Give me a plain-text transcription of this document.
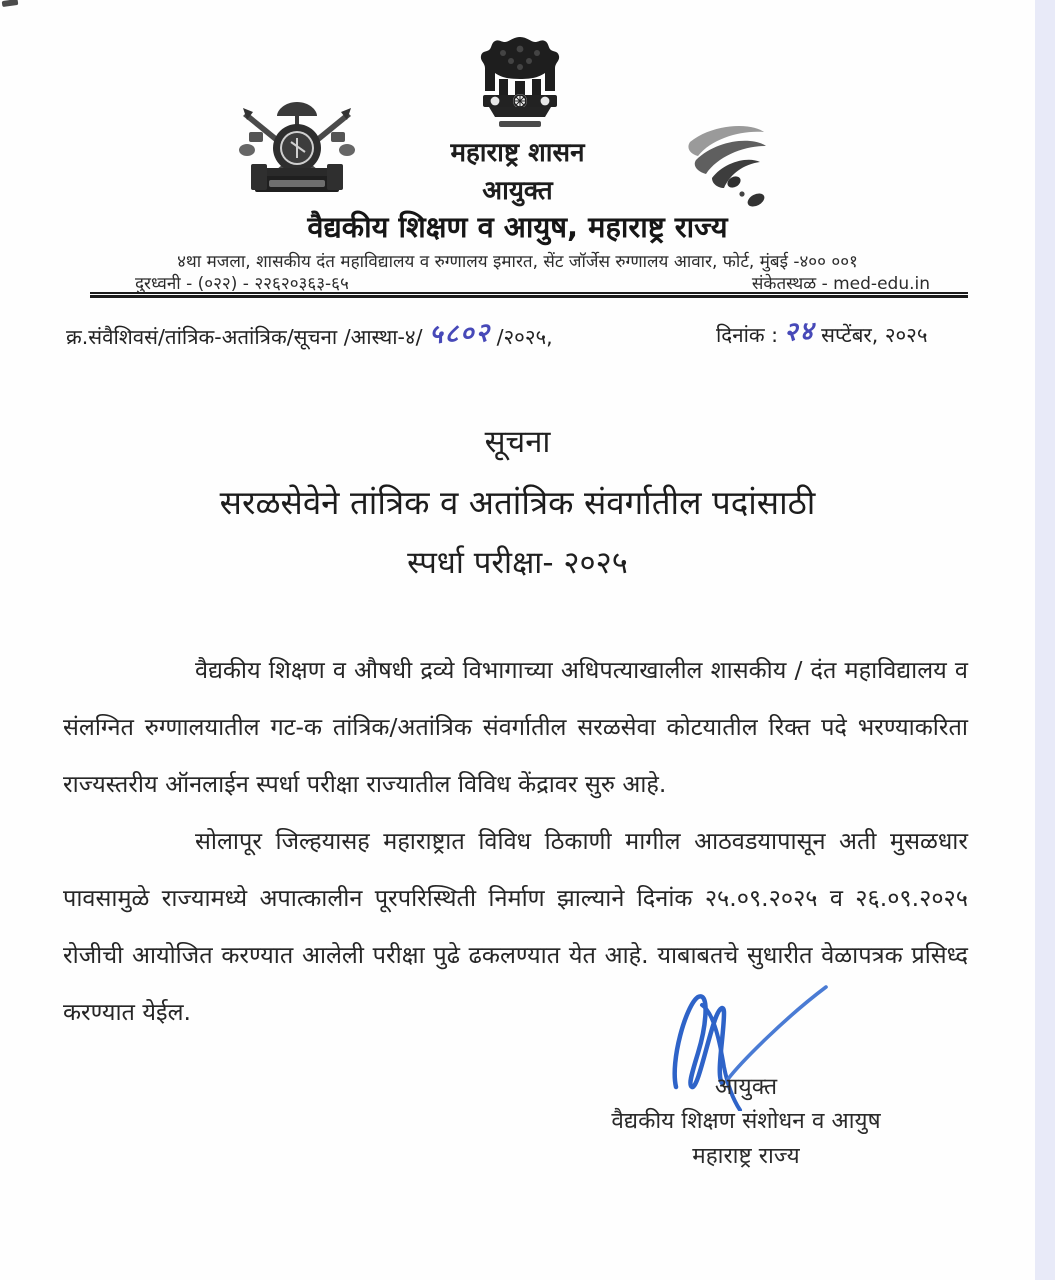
महाराष्ट्र शासन
आयुक्त
वैद्यकीय शिक्षण व आयुष, महाराष्ट्र राज्य
४था मजला, शासकीय दंत महाविद्यालय व रुग्णालय इमारत, सेंट जॉर्जेस रुग्णालय आवार, फोर्ट, मुंबई -४०० ००१
दुरध्वनी - (०२२) - २२६२०३६३-६५	संकेतस्थळ - med-edu.in
क्र.संवैशिवसं/तांत्रिक-अतांत्रिक/सूचना /आस्था-४/ ५८०२ /२०२५,	दिनांक : २४ सप्टेंबर, २०२५
सूचना
सरळसेवेने तांत्रिक व अतांत्रिक संवर्गातील पदांसाठी
स्पर्धा परीक्षा- २०२५

वैद्यकीय शिक्षण व औषधी द्रव्ये विभागाच्या अधिपत्याखालील शासकीय / दंत महाविद्यालय व संलग्नित रुग्णालयातील गट-क तांत्रिक/अतांत्रिक संवर्गातील सरळसेवा कोटयातील रिक्त पदे भरण्याकरिता राज्यस्तरीय ऑनलाईन स्पर्धा परीक्षा राज्यातील विविध केंद्रावर सुरु आहे.

सोलापूर जिल्हयासह महाराष्ट्रात विविध ठिकाणी मागील आठवडयापासून अती मुसळधार पावसामुळे राज्यामध्ये अपात्कालीन पूरपरिस्थिती निर्माण झाल्याने दिनांक २५.०९.२०२५ व २६.०९.२०२५ रोजीची आयोजित करण्यात आलेली परीक्षा पुढे ढकलण्यात येत आहे. याबाबतचे सुधारीत वेळापत्रक प्रसिध्द करण्यात येईल.

आयुक्त
वैद्यकीय शिक्षण संशोधन व आयुष
महाराष्ट्र राज्य
